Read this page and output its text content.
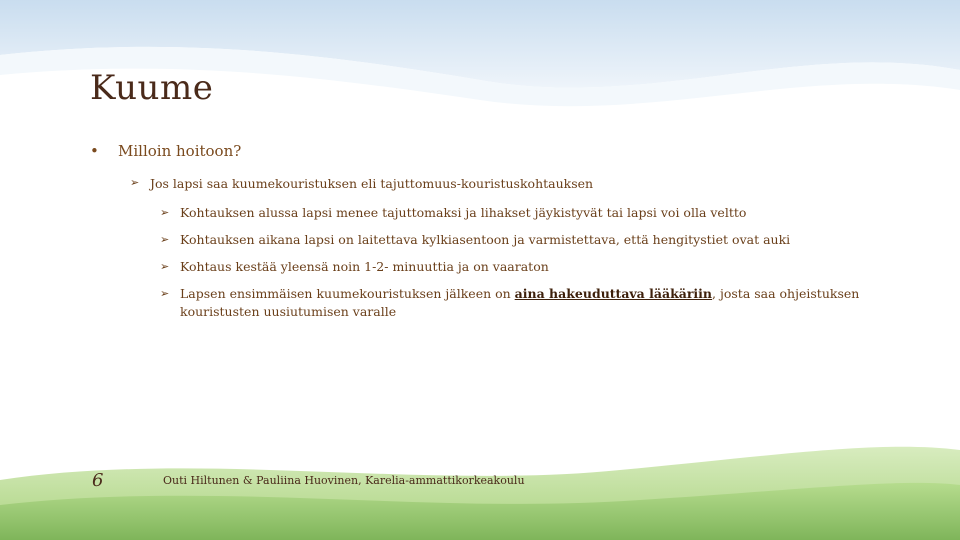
Kuume
• Milloin hoitoon?
➢ Jos lapsi saa kuumekouristuksen eli tajuttomuus-kouristuskohtauksen
➢ Kohtauksen alussa lapsi menee tajuttomaksi ja lihakset jäykistyvät tai lapsi voi olla veltto
➢ Kohtauksen aikana lapsi on laitettava kylkiasentoon ja varmistettava, että hengitystiet ovat auki
➢ Kohtaus kestää yleensä noin 1-2- minuuttia ja on vaaraton
➢ Lapsen ensimmäisen kuumekouristuksen jälkeen on aina hakeuduttava lääkäriin, josta saa ohjeistuksen kouristusten uusiutumisen varalle
6	Outi Hiltunen & Pauliina Huovinen, Karelia-ammattikorkeakoulu
